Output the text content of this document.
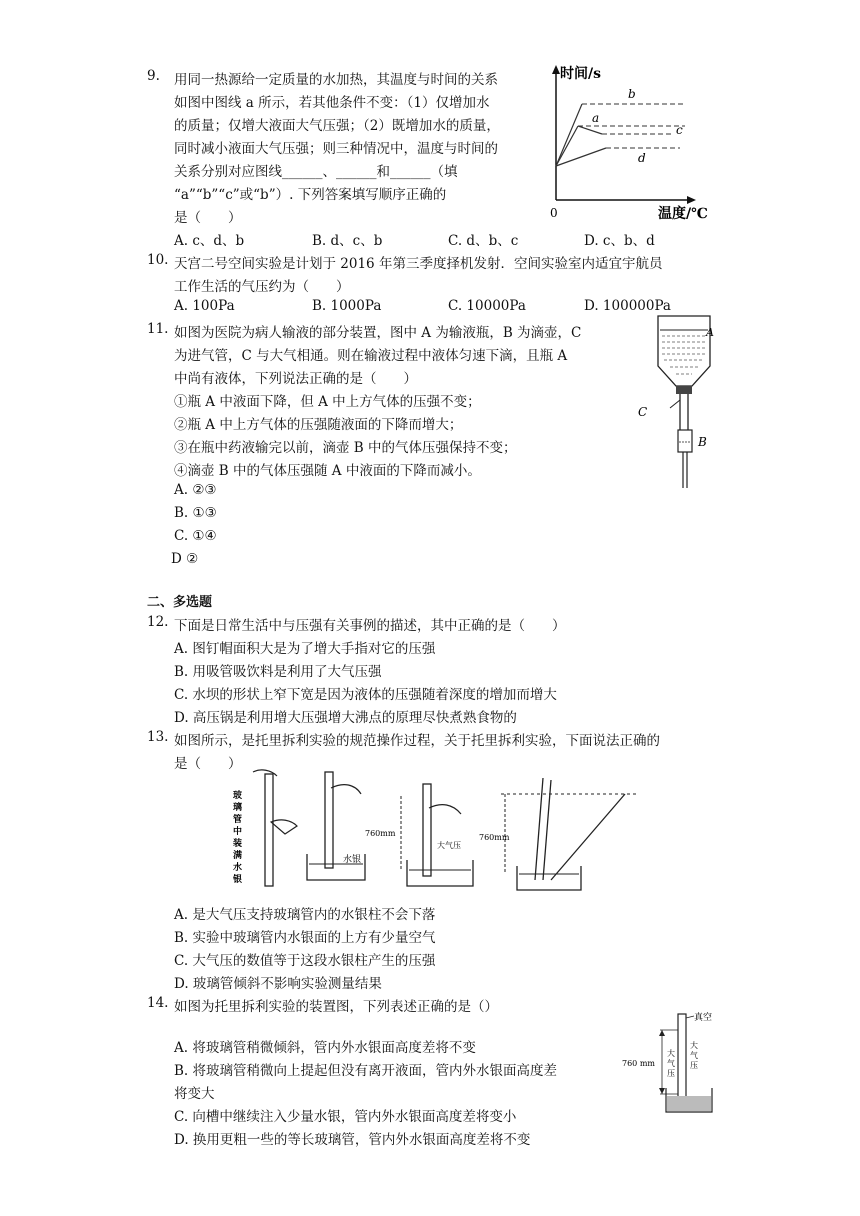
9. 用同一热源给一定质量的水加热，其温度与时间的关系
如图中图线 a 所示，若其他条件不变：（1）仅增加水
的质量；仅增大液面大气压强；（2）既增加水的质量，
同时减小液面大气压强；则三种情况中，温度与时间的
关系分别对应图线______、______和______（填
“a”“b”“c”或“b”）. 下列答案填写顺序正确的
是（　　）
A. c、d、b	B. d、c、b	C. d、b、c	D. c、b、d
时间/s
温度/℃
0
b
a
c
d
10. 天宫二号空间实验是计划于 2016 年第三季度择机发射．空间实验室内适宜宇航员
工作生活的气压约为（　　）
A. 100Pa	B. 1000Pa	C. 10000Pa	D. 100000Pa
11. 如图为医院为病人输液的部分装置，图中 A 为输液瓶，B 为滴壶，C
为进气管，C 与大气相通。则在输液过程中液体匀速下滴，且瓶 A
中尚有液体，下列说法正确的是（　　）
①瓶 A 中液面下降，但 A 中上方气体的压强不变；
②瓶 A 中上方气体的压强随液面的下降而增大；
③在瓶中药液输完以前，滴壶 B 中的气体压强保持不变；
④滴壶 B 中的气体压强随 A 中液面的下降而减小。
A. ②③
B. ①③
C. ①④
D ②
A
C
B
二、多选题
12. 下面是日常生活中与压强有关事例的描述，其中正确的是（　　）
A. 图钉帽面积大是为了增大手指对它的压强
B. 用吸管吸饮料是利用了大气压强
C. 水坝的形状上窄下宽是因为液体的压强随着深度的增加而增大
D. 高压锅是利用增大压强增大沸点的原理尽快煮熟食物的
13. 如图所示，是托里拆利实验的规范操作过程，关于托里拆利实验，下面说法正确的
是（　　）
玻璃管中装满水银
水银
760mm
大气压
760mm
A. 是大气压支持玻璃管内的水银柱不会下落
B. 实验中玻璃管内水银面的上方有少量空气
C. 大气压的数值等于这段水银柱产生的压强
D. 玻璃管倾斜不影响实验测量结果
14. 如图为托里拆利实验的装置图，下列表述正确的是（）
A. 将玻璃管稍微倾斜，管内外水银面高度差将不变
B. 将玻璃管稍微向上提起但没有离开液面，管内外水银面高度差
将变大
C. 向槽中继续注入少量水银，管内外水银面高度差将变小
D. 换用更粗一些的等长玻璃管，管内外水银面高度差将不变
真空
760 mm
大气压
大气压
